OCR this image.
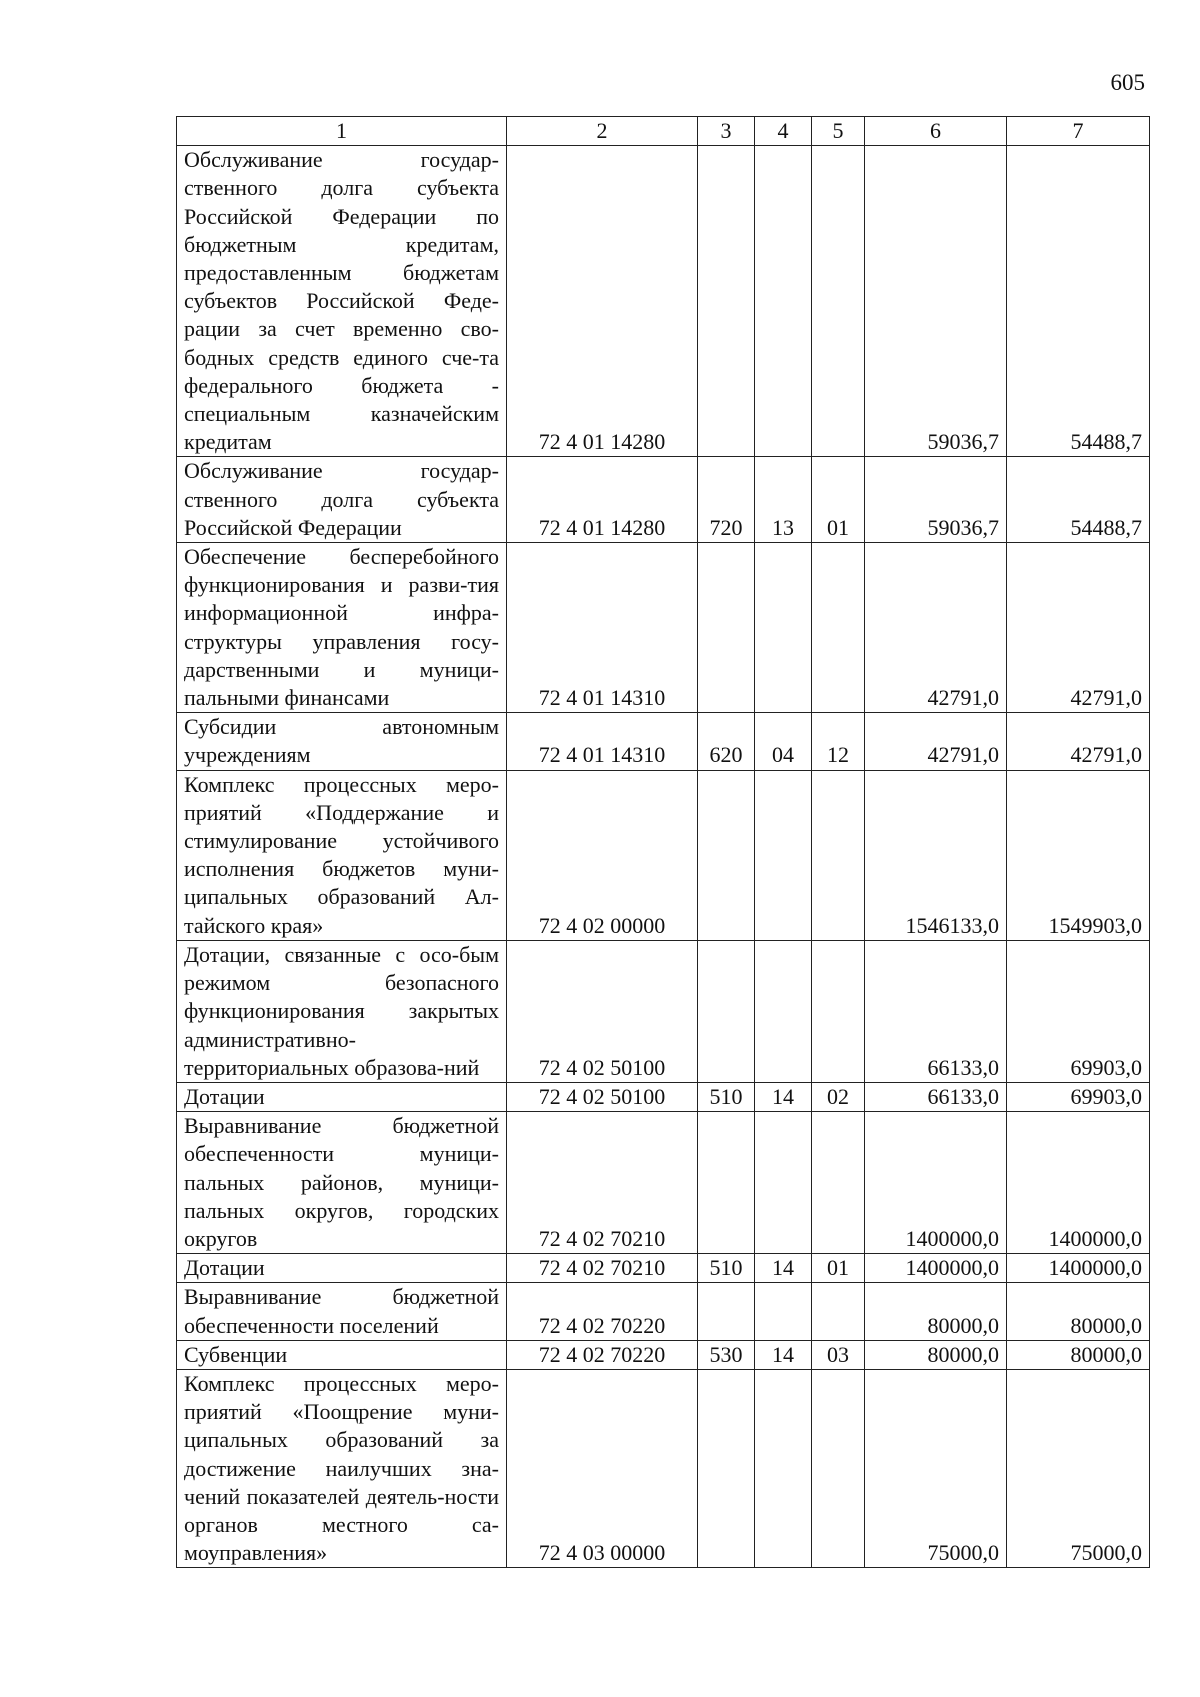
605
1	2	3	4	5	6	7
Обслуживание государ-ственного долга субъекта Российской Федерации по бюджетным кредитам, предоставленным бюджетам субъектов Российской Феде-рации за счет временно сво-бодных средств единого сче-та федерального бюджета - специальным казначейским кредитам	72 4 01 14280				59036,7	54488,7
Обслуживание государ-ственного долга субъекта Российской Федерации	72 4 01 14280	720	13	01	59036,7	54488,7
Обеспечение бесперебойного функционирования и разви-тия информационной инфра-структуры управления госу-дарственными и муници-пальными финансами	72 4 01 14310				42791,0	42791,0
Субсидии автономным учреждениям	72 4 01 14310	620	04	12	42791,0	42791,0
Комплекс процессных меро-приятий «Поддержание и стимулирование устойчивого исполнения бюджетов муни-ципальных образований Ал-тайского края»	72 4 02 00000				1546133,0	1549903,0
Дотации, связанные с осо-бым режимом безопасного функционирования закрытых административно-территориальных образова-ний	72 4 02 50100				66133,0	69903,0
Дотации	72 4 02 50100	510	14	02	66133,0	69903,0
Выравнивание бюджетной обеспеченности муници-пальных районов, муници-пальных округов, городских округов	72 4 02 70210				1400000,0	1400000,0
Дотации	72 4 02 70210	510	14	01	1400000,0	1400000,0
Выравнивание бюджетной обеспеченности поселений	72 4 02 70220				80000,0	80000,0
Субвенции	72 4 02 70220	530	14	03	80000,0	80000,0
Комплекс процессных меро-приятий «Поощрение муни-ципальных образований за достижение наилучших зна-чений показателей деятель-ности органов местного са-моуправления»	72 4 03 00000				75000,0	75000,0
